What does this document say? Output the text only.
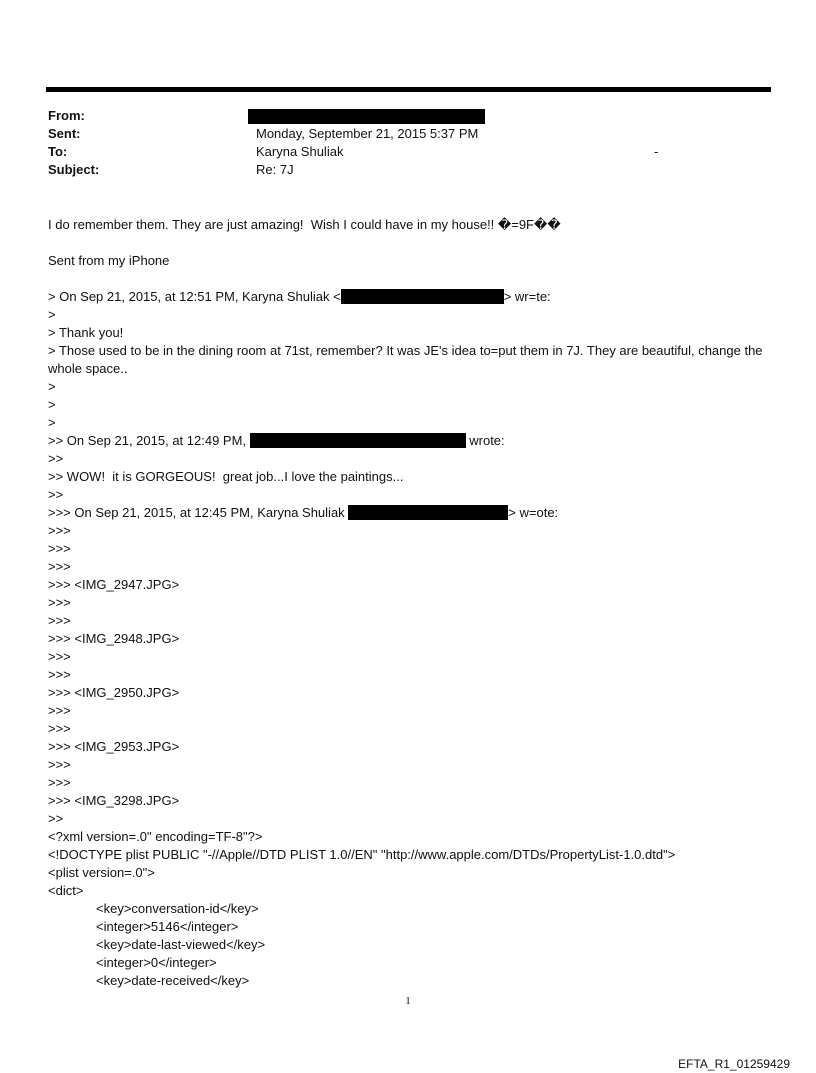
From:
Sent:	Monday, September 21, 2015 5:37 PM
To:	Karyna Shuliak	-
Subject:	Re: 7J
I do remember them. They are just amazing!  Wish I could have in my house!! �=9F��
Sent from my iPhone
> On Sep 21, 2015, at 12:51 PM, Karyna Shuliak <	> wr=te:
>
> Thank you!
> Those used to be in the dining room at 71st, remember? It was JE's idea to=put them in 7J. They are beautiful, change the whole space..
>
>
>
>> On Sep 21, 2015, at 12:49 PM,	wrote:
>>
>> WOW!  it is GORGEOUS!  great job...I love the paintings...
>>
>>> On Sep 21, 2015, at 12:45 PM, Karyna Shuliak	> w=ote:
>>>
>>>
>>>
>>> <IMG_2947.JPG>
>>>
>>>
>>> <IMG_2948.JPG>
>>>
>>>
>>> <IMG_2950.JPG>
>>>
>>>
>>> <IMG_2953.JPG>
>>>
>>>
>>> <IMG_3298.JPG>
>>
<?xml version=.0" encoding=TF-8"?>
<!DOCTYPE plist PUBLIC "-//Apple//DTD PLIST 1.0//EN" "http://www.apple.com/DTDs/PropertyList-1.0.dtd">
<plist version=.0">
<dict>
<key>conversation-id</key>
<integer>5146</integer>
<key>date-last-viewed</key>
<integer>0</integer>
<key>date-received</key>
1
EFTA_R1_01259429
